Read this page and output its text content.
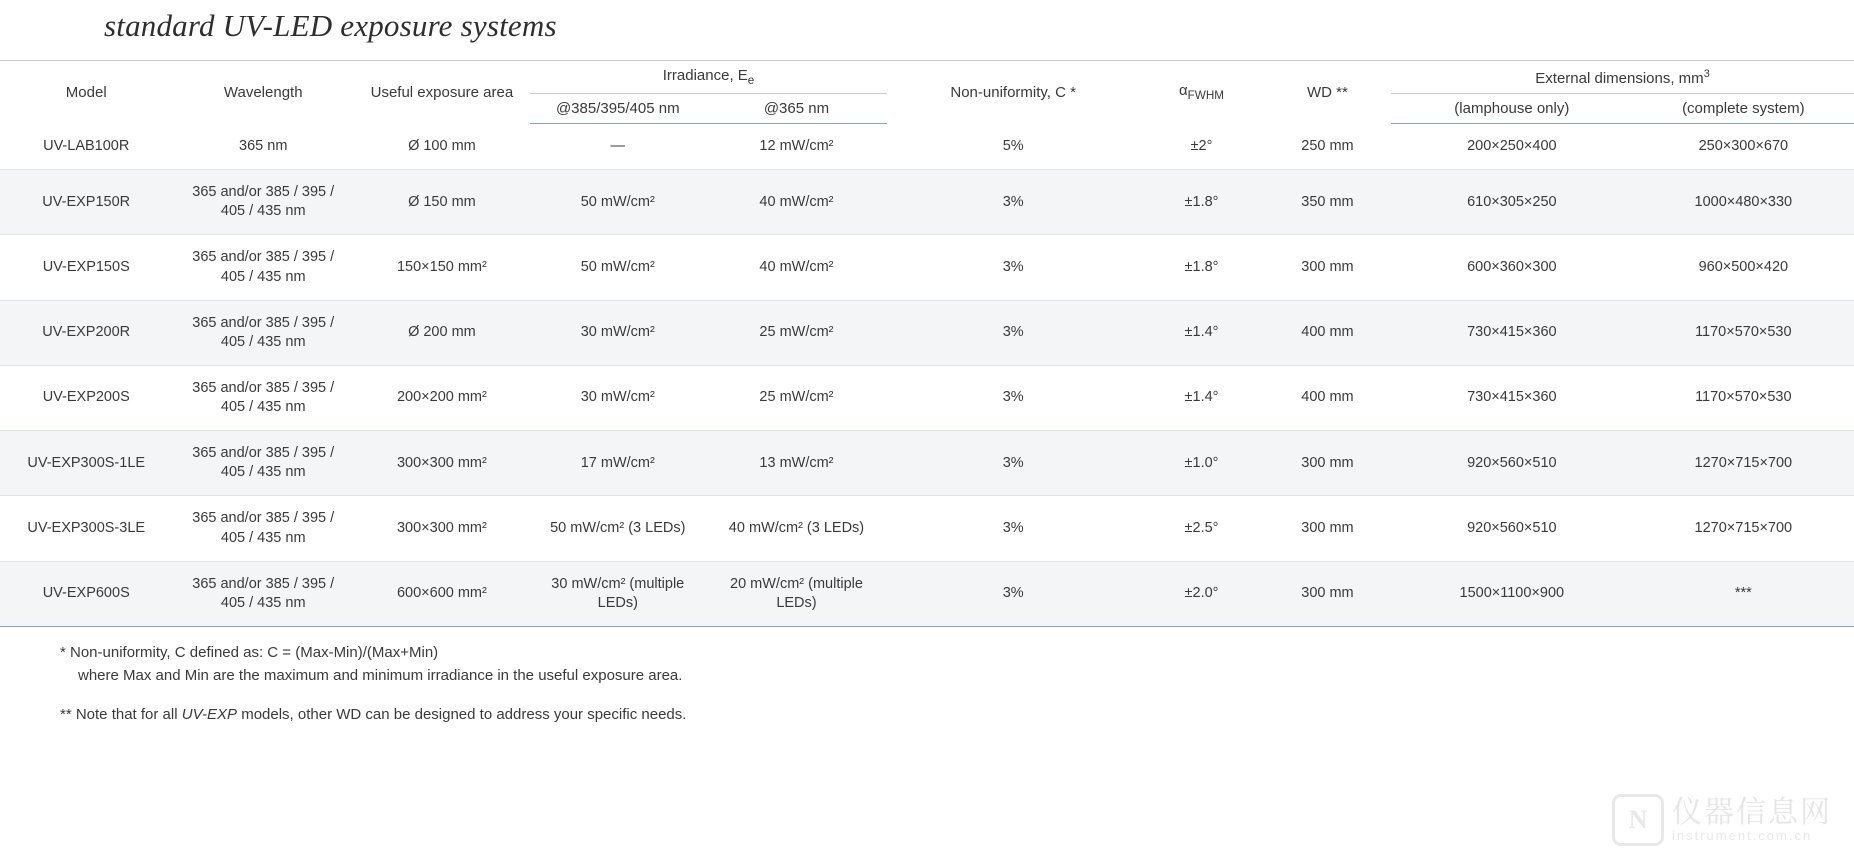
standard UV-LED exposure systems
Model	Wavelength	Useful exposure area	Irradiance, $E_e$		Non-uniformity, C *	$\alpha_{FWHM}$	WD **	External dimensions, $mm^3$
			@385/395/405 nm	@365 nm				(lamphouse only)	(complete system)
UV-LAB100R	365 nm	Ø 100 mm	—	12 mW/cm²	5%	±2°	250 mm	200×250×400	250×300×670
UV-EXP150R	365 and/or 385 / 395 / 405 / 435 nm	Ø 150 mm	50 mW/cm²	40 mW/cm²	3%	±1.8°	350 mm	610×305×250	1000×480×330
UV-EXP150S	365 and/or 385 / 395 / 405 / 435 nm	150×150 mm²	50 mW/cm²	40 mW/cm²	3%	±1.8°	300 mm	600×360×300	960×500×420
UV-EXP200R	365 and/or 385 / 395 / 405 / 435 nm	Ø 200 mm	30 mW/cm²	25 mW/cm²	3%	±1.4°	400 mm	730×415×360	1170×570×530
UV-EXP200S	365 and/or 385 / 395 / 405 / 435 nm	200×200 mm²	30 mW/cm²	25 mW/cm²	3%	±1.4°	400 mm	730×415×360	1170×570×530
UV-EXP300S-1LE	365 and/or 385 / 395 / 405 / 435 nm	300×300 mm²	17 mW/cm²	13 mW/cm²	3%	±1.0°	300 mm	920×560×510	1270×715×700
UV-EXP300S-3LE	365 and/or 385 / 395 / 405 / 435 nm	300×300 mm²	50 mW/cm² (3 LEDs)	40 mW/cm² (3 LEDs)	3%	±2.5°	300 mm	920×560×510	1270×715×700
UV-EXP600S	365 and/or 385 / 395 / 405 / 435 nm	600×600 mm²	30 mW/cm² (multiple LEDs)	20 mW/cm² (multiple LEDs)	3%	±2.0°	300 mm	1500×1100×900	***
* Non-uniformity, C defined as: C = (Max-Min)/(Max+Min)
where Max and Min are the maximum and minimum irradiance in the useful exposure area.
** Note that for all UV-EXP models, other WD can be designed to address your specific needs.
N 仪器信息网
instrument.com.cn
